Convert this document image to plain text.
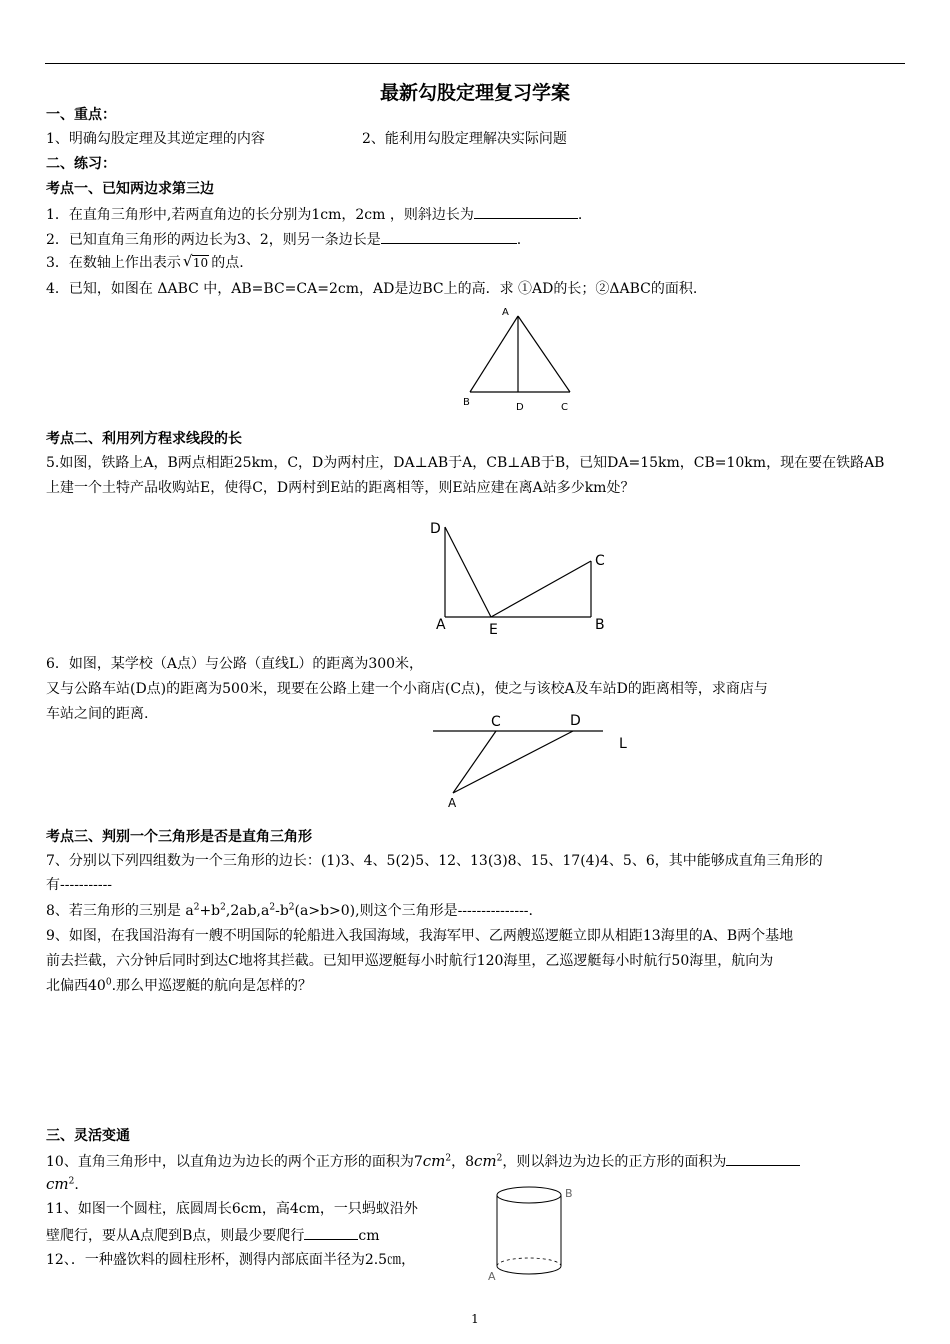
最新勾股定理复习学案
一、重点：
1、明确勾股定理及其逆定理的内容	2、能利用勾股定理解决实际问题
二、练习：
考点一、已知两边求第三边
1．在直角三角形中,若两直角边的长分别为1cm，2cm ，则斜边长为	.
2．已知直角三角形的两边长为3、2，则另一条边长是	.
3．在数轴上作出表示 √ 10 的点.
4．已知，如图在 ΔABC 中，AB=BC=CA=2cm，AD是边BC上的高．求 ①AD的长；②ΔABC的面积.
A
B	D	C
考点二、利用列方程求线段的长
5.如图，铁路上A，B两点相距25km，C，D为两村庄，DA⊥AB于A，CB⊥AB于B，已知DA=15km，CB=10km，现在要在铁路AB
上建一个土特产品收购站E，使得C，D两村到E站的距离相等，则E站应建在离A站多少km处？
D
C
A	E	B
6．如图，某学校（A点）与公路（直线L）的距离为300米，
又与公路车站(D点)的距离为500米，现要在公路上建一个小商店(C点)，使之与该校A及车站D的距离相等，求商店与
车站之间的距离.	C	D
L
A
考点三、判别一个三角形是否是直角三角形
7、分别以下列四组数为一个三角形的边长：(1)3、4、5(2)5、12、13(3)8、15、17(4)4、5、6，其中能够成直角三角形的
有-----------
8、若三角形的三别是 $a^2+b^2,2ab,a^2-b^2(a>b>0)$,则这个三角形是---------------.
9、如图，在我国沿海有一艘不明国际的轮船进入我国海域，我海军甲、乙两艘巡逻艇立即从相距13海里的A、B两个基地
前去拦截，六分钟后同时到达C地将其拦截。已知甲巡逻艇每小时航行120海里，乙巡逻艇每小时航行50海里，航向为
北偏西$40^0$.那么甲巡逻艇的航向是怎样的？
三、灵活变通
10、直角三角形中，以直角边为边长的两个正方形的面积为$7cm^2$，$8cm^2$，则以斜边为边长的正方形的面积为
$cm^2$.
11、如图一个圆柱，底圆周长6cm，高4cm，一只蚂蚁沿外
壁爬行，要从A点爬到B点，则最少要爬行	cm
12、．一种盛饮料的圆柱形杯，测得内部底面半径为2.5㎝，
B
A
1
